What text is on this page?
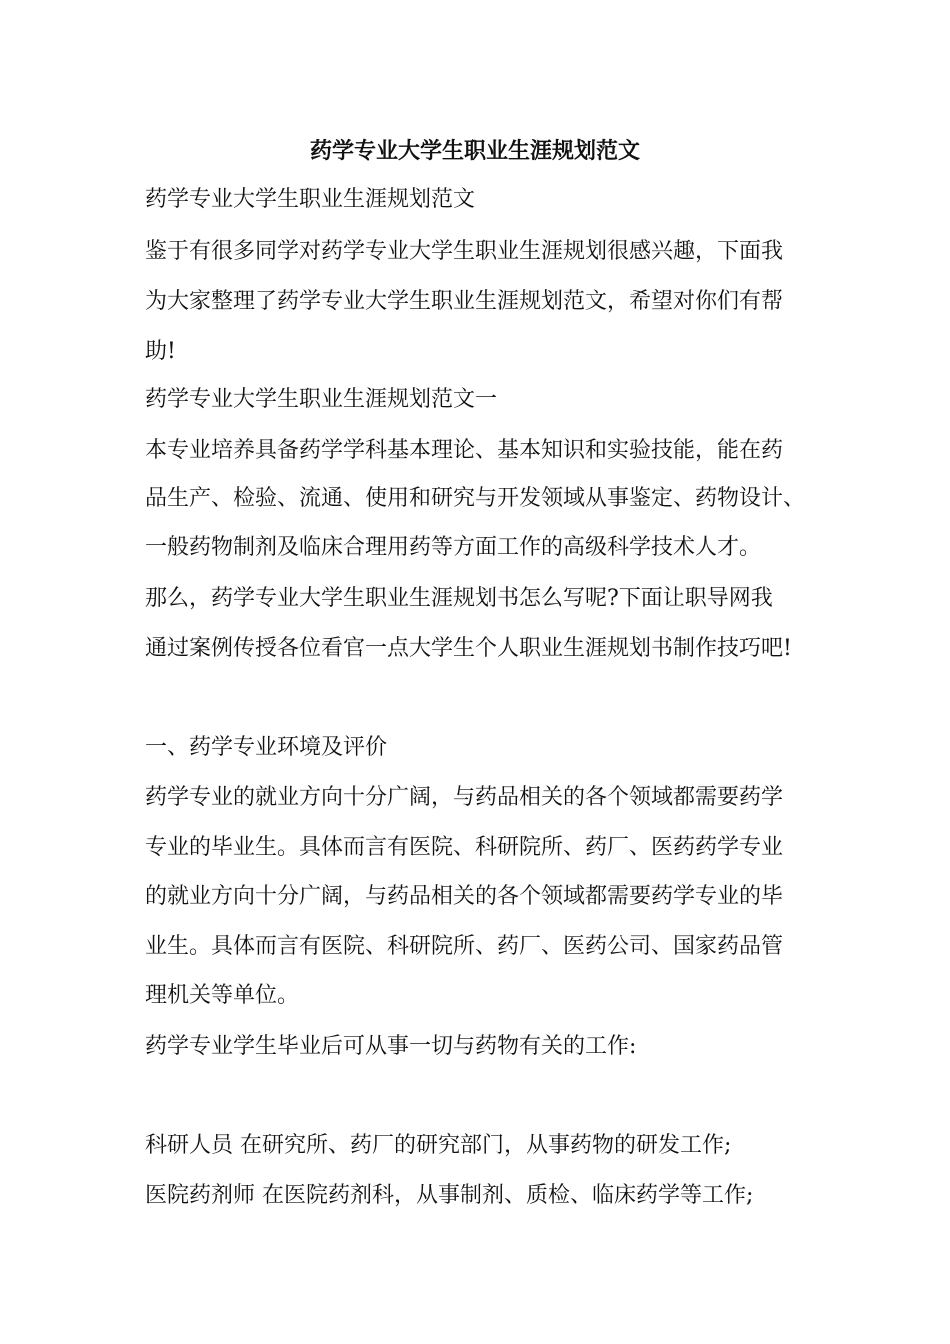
药学专业大学生职业生涯规划范文
药学专业大学生职业生涯规划范文
鉴于有很多同学对药学专业大学生职业生涯规划很感兴趣，下面我
为大家整理了药学专业大学生职业生涯规划范文，希望对你们有帮
助!
药学专业大学生职业生涯规划范文一
本专业培养具备药学学科基本理论、基本知识和实验技能，能在药
品生产、检验、流通、使用和研究与开发领域从事鉴定、药物设计、
一般药物制剂及临床合理用药等方面工作的高级科学技术人才。
那么，药学专业大学生职业生涯规划书怎么写呢?下面让职导网我
通过案例传授各位看官一点大学生个人职业生涯规划书制作技巧吧!
一、药学专业环境及评价
药学专业的就业方向十分广阔，与药品相关的各个领域都需要药学
专业的毕业生。具体而言有医院、科研院所、药厂、医药药学专业
的就业方向十分广阔，与药品相关的各个领域都需要药学专业的毕
业生。具体而言有医院、科研院所、药厂、医药公司、国家药品管
理机关等单位。
药学专业学生毕业后可从事一切与药物有关的工作:
科研人员 在研究所、药厂的研究部门，从事药物的研发工作;
医院药剂师 在医院药剂科，从事制剂、质检、临床药学等工作;
